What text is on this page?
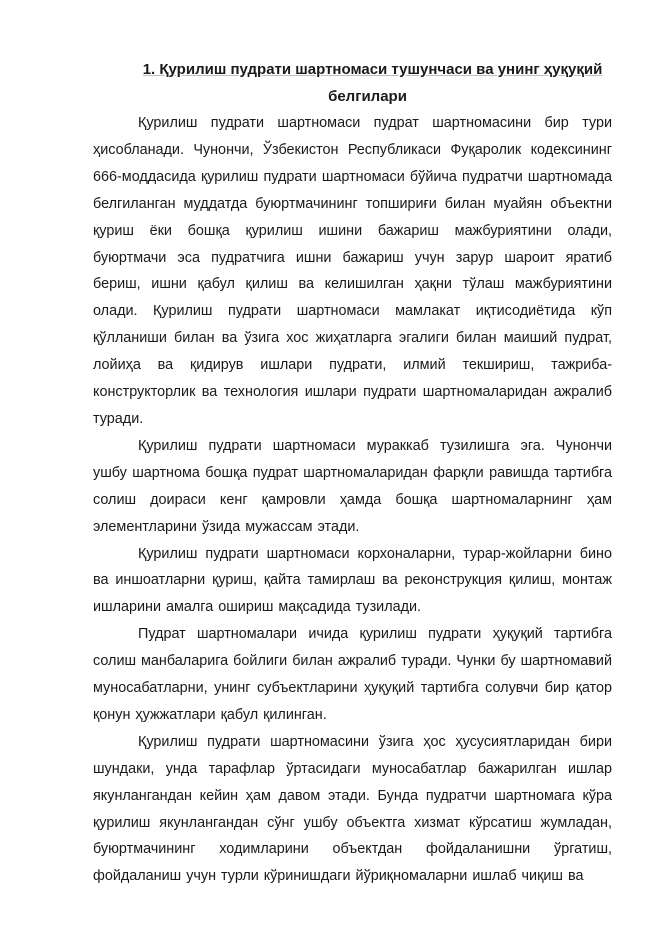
1. Қурилиш пудрати шартномаси тушунчаси ва унинг ҳуқуқий
белгилари

Қурилиш пудрати шартномаси пудрат шартномасини бир тури ҳисобланади. Чунончи, Ўзбекистон Республикаси Фуқаролик кодексининг 666-моддасида қурилиш пудрати шартномаси бўйича пудратчи шартномада белгиланган муддатда буюртмачининг топшириғи билан муайян объектни қуриш ёки бошқа қурилиш ишини бажариш мажбуриятини олади, буюртмачи эса пудратчига ишни бажариш учун зарур шароит яратиб бериш, ишни қабул қилиш ва келишилган ҳақни тўлаш мажбуриятини олади. Қурилиш пудрати шартномаси мамлакат иқтисодиётида кўп қўлланиши билан ва ўзига хос жиҳатларга эгалиги билан маиший пудрат, лойиҳа ва қидирув ишлари пудрати, илмий текшириш, тажриба-конструкторлик ва технология ишлари пудрати шартномаларидан ажралиб туради.

Қурилиш пудрати шартномаси мураккаб тузилишга эга. Чунончи ушбу шартнома бошқа пудрат шартномаларидан фарқли равишда тартибга солиш доираси кенг қамровли ҳамда бошқа шартномаларнинг ҳам элементларини ўзида мужассам этади.

Қурилиш пудрати шартномаси корхоналарни, турар-жойларни бино ва иншоатларни қуриш, қайта тамирлаш ва реконструкция қилиш, монтаж ишларини амалга ошириш мақсадида тузилади.

Пудрат шартномалари ичида қурилиш пудрати ҳуқуқий тартибга солиш манбаларига бойлиги билан ажралиб туради. Чунки бу шартномавий муносабатларни, унинг субъектларини ҳуқуқий тартибга солувчи бир қатор қонун ҳужжатлари қабул қилинган.

Қурилиш пудрати шартномасини ўзига ҳос ҳусусиятларидан бири шундаки, унда тарафлар ўртасидаги муносабатлар бажарилган ишлар якунлангандан кейин ҳам давом этади. Бунда пудратчи шартномага кўра қурилиш якунлангандан сўнг ушбу объектга хизмат кўрсатиш жумладан, буюртмачининг ходимларини объектдан фойдаланишни ўргатиш, фойдаланиш учун турли кўринишдаги йўриқномаларни ишлаб чиқиш ва
